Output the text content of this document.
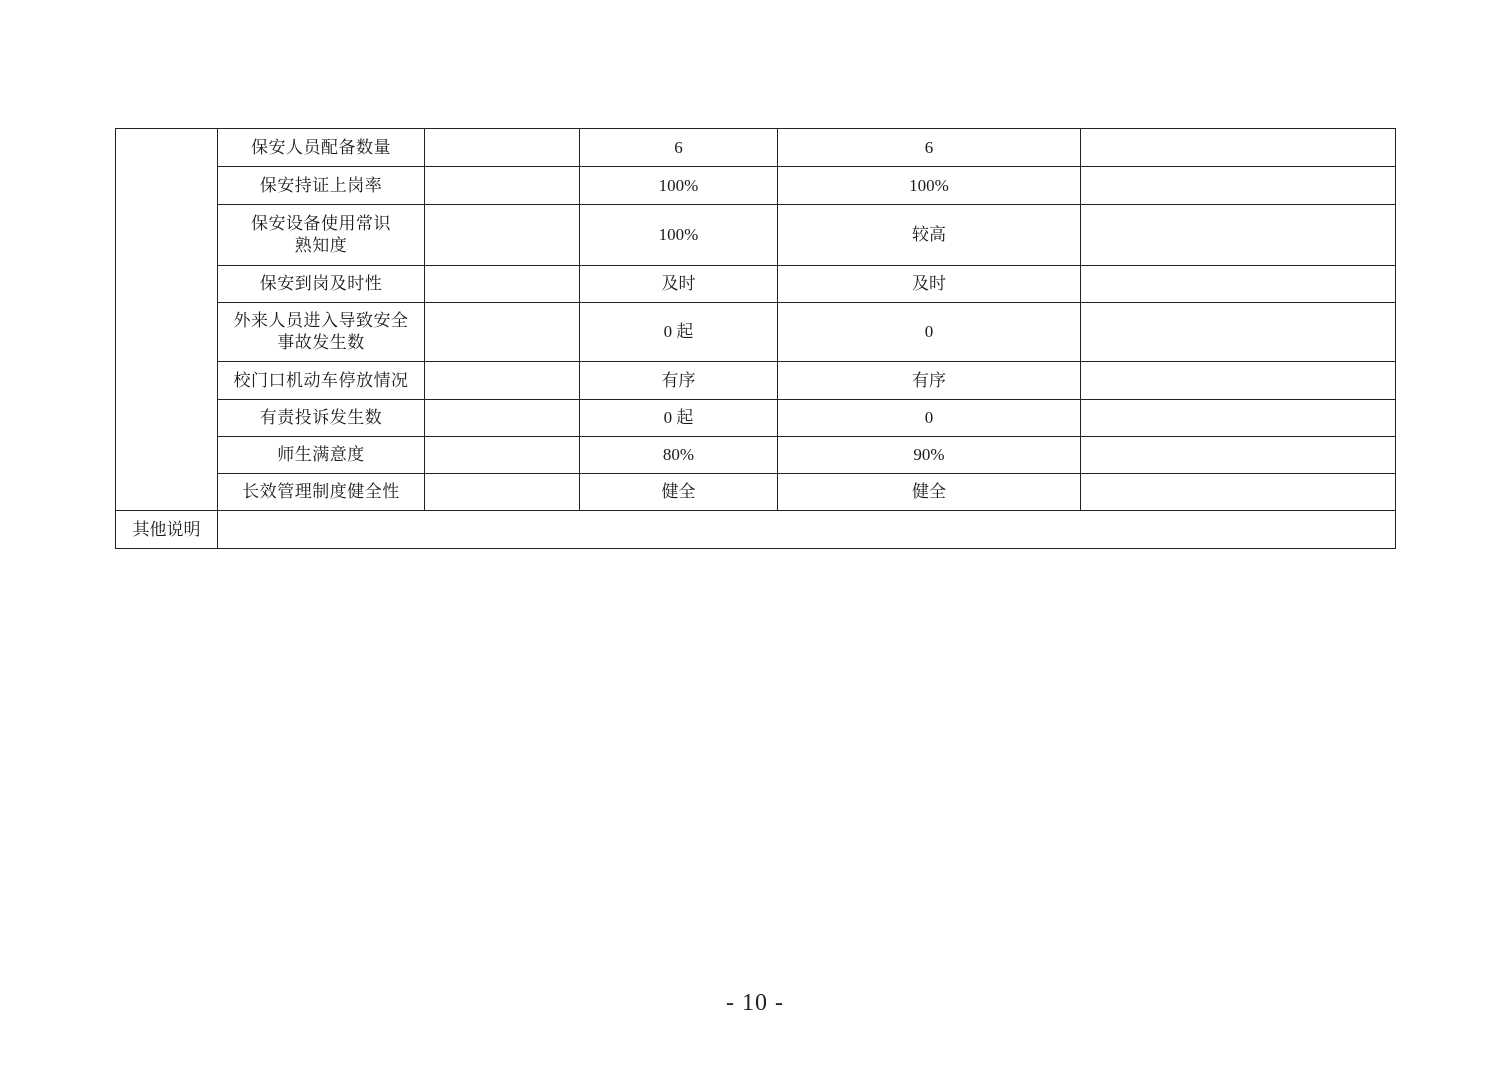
	保安人员配备数量		6	6	

	保安持证上岗率		100%	100%	

	保安设备使用常识
熟知度		100%	较高	

	保安到岗及时性		及时	及时	

	外来人员进入导致安全
事故发生数		0 起	0	

	校门口机动车停放情况		有序	有序	

	有责投诉发生数		0 起	0	

	师生满意度		80%	90%	

	长效管理制度健全性		健全	健全	
其他说明					
- 10 -
